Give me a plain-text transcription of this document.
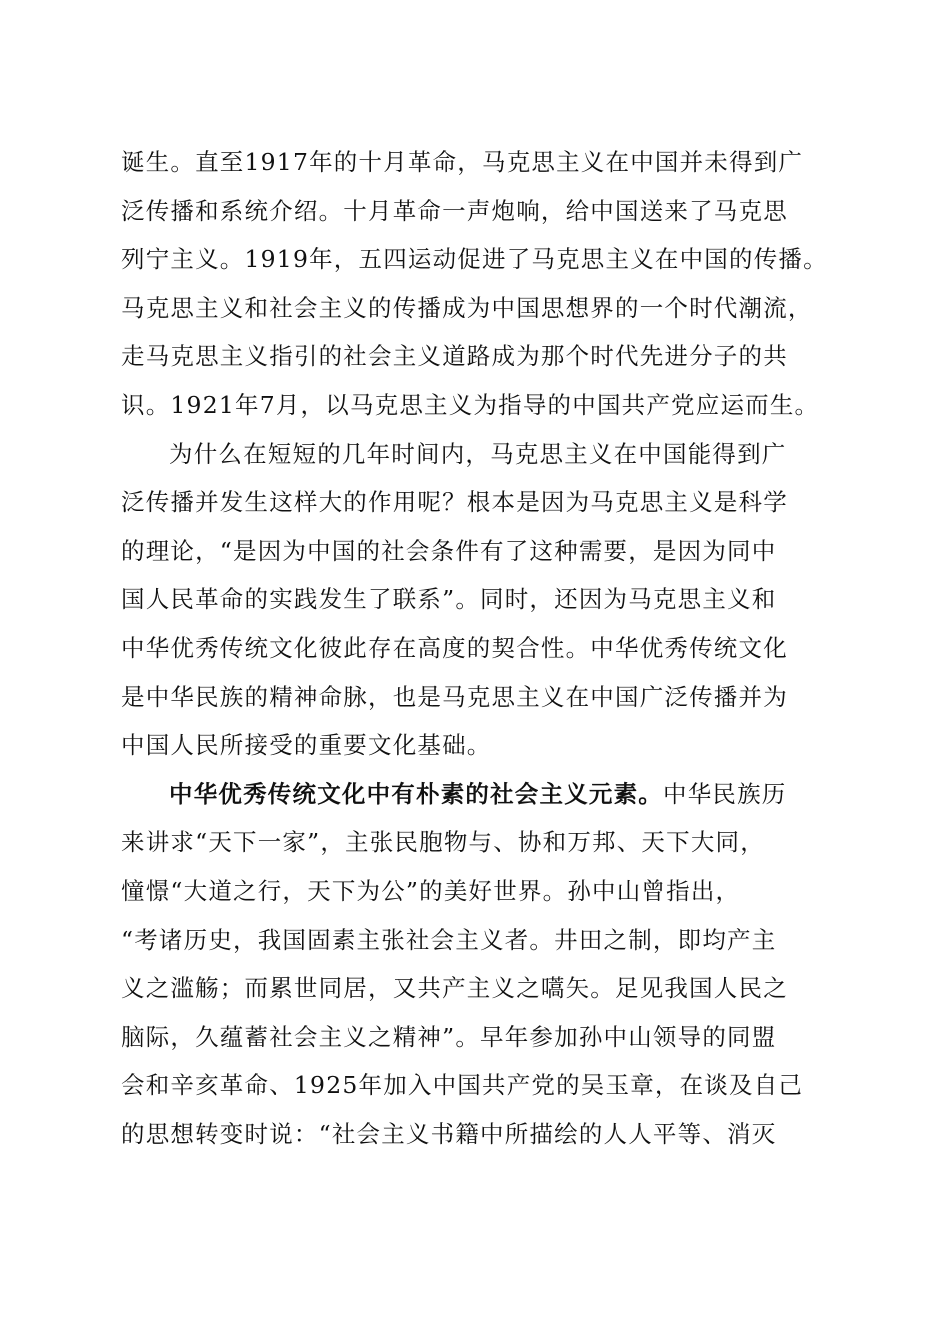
诞生。直至1917年的十月革命，马克思主义在中国并未得到广
泛传播和系统介绍。十月革命一声炮响，给中国送来了马克思
列宁主义。1919年，五四运动促进了马克思主义在中国的传播。
马克思主义和社会主义的传播成为中国思想界的一个时代潮流，
走马克思主义指引的社会主义道路成为那个时代先进分子的共
识。1921年7月，以马克思主义为指导的中国共产党应运而生。
为什么在短短的几年时间内，马克思主义在中国能得到广
泛传播并发生这样大的作用呢？根本是因为马克思主义是科学
的理论，“是因为中国的社会条件有了这种需要，是因为同中
国人民革命的实践发生了联系”。同时，还因为马克思主义和
中华优秀传统文化彼此存在高度的契合性。中华优秀传统文化
是中华民族的精神命脉，也是马克思主义在中国广泛传播并为
中国人民所接受的重要文化基础。
中华优秀传统文化中有朴素的社会主义元素。中华民族历
来讲求“天下一家”，主张民胞物与、协和万邦、天下大同，
憧憬“大道之行，天下为公”的美好世界。孙中山曾指出，
“考诸历史，我国固素主张社会主义者。井田之制，即均产主
义之滥觞；而累世同居，又共产主义之嚆矢。足见我国人民之
脑际，久蕴蓄社会主义之精神”。早年参加孙中山领导的同盟
会和辛亥革命、1925年加入中国共产党的吴玉章，在谈及自己
的思想转变时说：“社会主义书籍中所描绘的人人平等、消灭
